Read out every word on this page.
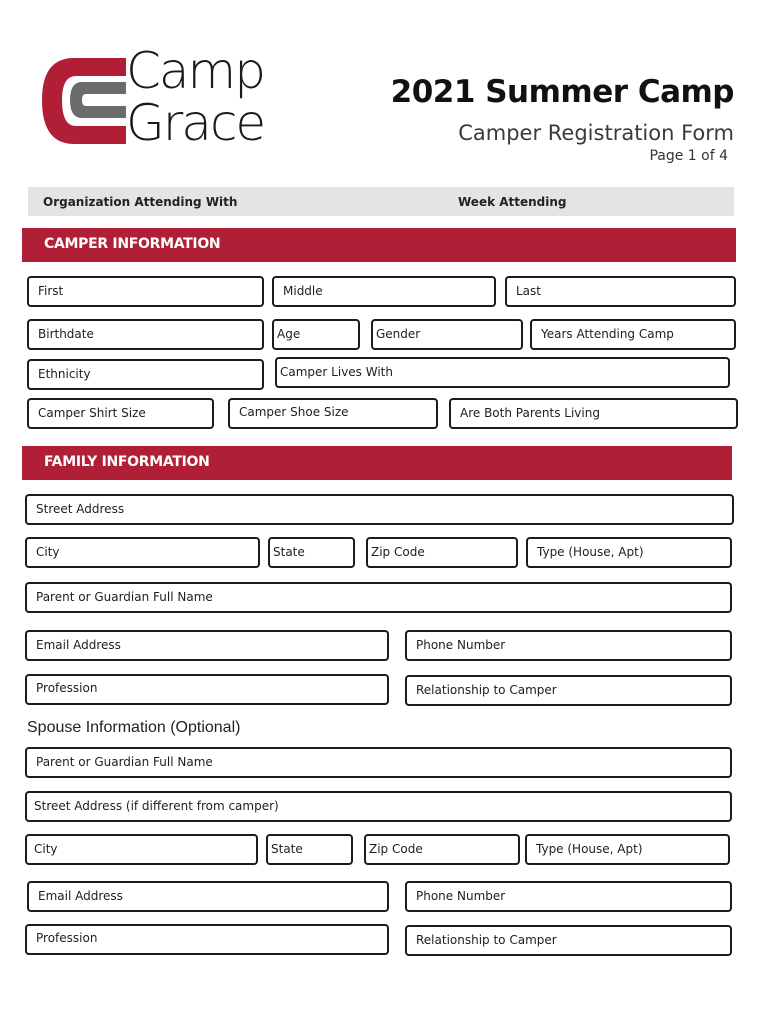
Camp
Grace
2021 Summer Camp
Camper Registration Form
Page 1 of 4
Organization Attending With	Week Attending
CAMPER INFORMATION
First	Middle	Last
Birthdate	Age	Gender	Years Attending Camp
Ethnicity	Camper Lives With
Camper Shirt Size	Camper Shoe Size	Are Both Parents Living
FAMILY INFORMATION
Street Address
City	State	Zip Code	Type (House, Apt)
Parent or Guardian Full Name
Email Address	Phone Number
Profession	Relationship to Camper
Spouse Information (Optional)
Parent or Guardian Full Name
Street Address (if different from camper)
City	State	Zip Code	Type (House, Apt)
Email Address	Phone Number
Profession	Relationship to Camper
